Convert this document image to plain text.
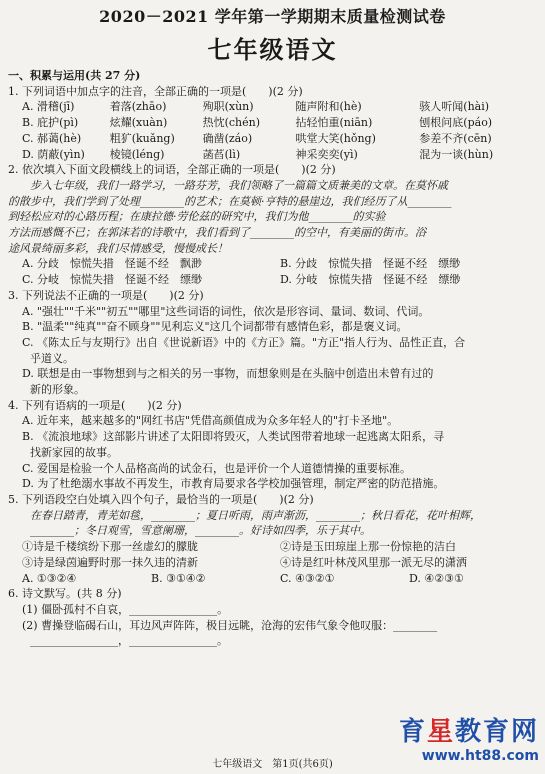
2020－2021 学年第一学期期末质量检测试卷
七年级语文
一、积累与运用(共 27 分)
1. 下列词语中加点字的注音，全部正确的一项是(　　)(2 分)
A. 滑稽(jī)	着落(zhāo)	殉职(xùn)	随声附和(hè)	骇人听闻(hài)
B. 庇护(pì)	炫耀(xuàn)	热忱(chén)	拈轻怕重(niān)	刨根问底(páo)
C. 郝蔼(hè)	粗犷(kuǎng)	确凿(záo)	哄堂大笑(hǒng)	参差不齐(cēn)
D. 荫蔽(yìn)	棱镜(léng)	菡萏(lì)	神采奕奕(yì)	混为一谈(hùn)
2. 依次填入下面文段横线上的词语，全部正确的一项是(　　)(2 分)
步入七年级，我们一路学习，一路芬芳，我们领略了一篇篇文质兼美的文章。在莫怀戚
的散步中，我们学到了处理________的艺术；在莫顿·亨特的悬崖边，我们经历了从________
到轻松应对的心路历程；在康拉德·劳伦兹的研究中，我们为他________的实验
方法而感慨不已；在郭沫若的诗歌中，我们看到了________的空中，有美丽的街市。浴
途风景绮丽多彩，我们尽情感受，慢慢成长！
A. 分歧　惊慌失措　怪诞不经　飘渺	B. 分歧　惊慌失措　怪诞不经　缥缈
C. 分岐　惊慌失措　怪诞不经　缥缈	D. 分岐　惊慌失措　怪诞不经　缥缈
3. 下列说法不正确的一项是(　　)(2 分)
A. "强壮""千米""初五""哪里"这些词语的词性，依次是形容词、量词、数词、代词。
B. "温柔""纯真""奋不顾身""见利忘义"这几个词都带有感情色彩，都是褒义词。
C. 《陈太丘与友期行》出自《世说新语》中的《方正》篇。"方正"指人行为、品性正直，合
乎道义。
D. 联想是由一事物想到与之相关的另一事物，而想象则是在头脑中创造出未曾有过的
新的形象。
4. 下列有语病的一项是(　　)(2 分)
A. 近年来，越来越多的"网红书店"凭借高颜值成为众多年轻人的"打卡圣地"。
B. 《流浪地球》这部影片讲述了太阳即将毁灭，人类试图带着地球一起逃离太阳系，寻
找新家园的故事。
C. 爱国是检验一个人品格高尚的试金石，也是评价一个人道德情操的重要标准。
D. 为了杜绝溺水事故不再发生，市教育局要求各学校加强管理，制定严密的防范措施。
5. 下列语段空白处填入四个句子，最恰当的一项是(　　)(2 分)
在春日踏青，青芜如毯，________；夏日听雨，雨声渐沥，________；秋日看花，花叶相辉，
________；冬日观雪，雪意阑珊，________。好诗如四季，乐于其中。
①诗是千楼缤纷下那一丝虚幻的朦胧	②诗是玉田琼崖上那一份惊艳的洁白
③诗是绿茵遍野时那一抹久违的清新	④诗是红叶林茂风里那一派无尽的潇洒
A. ①③②④	B. ③①④②	C. ④③②①	D. ④②③①
6. 诗文默写。(共 8 分)
(1) 僵卧孤村不自哀，________________。
(2) 曹操登临碣石山，耳边风声阵阵，极目远眺，沧海的宏伟气象令他叹服：________
________________，________________。
七年级语文　第1页(共6页)
育星教育网
www.ht88.com
